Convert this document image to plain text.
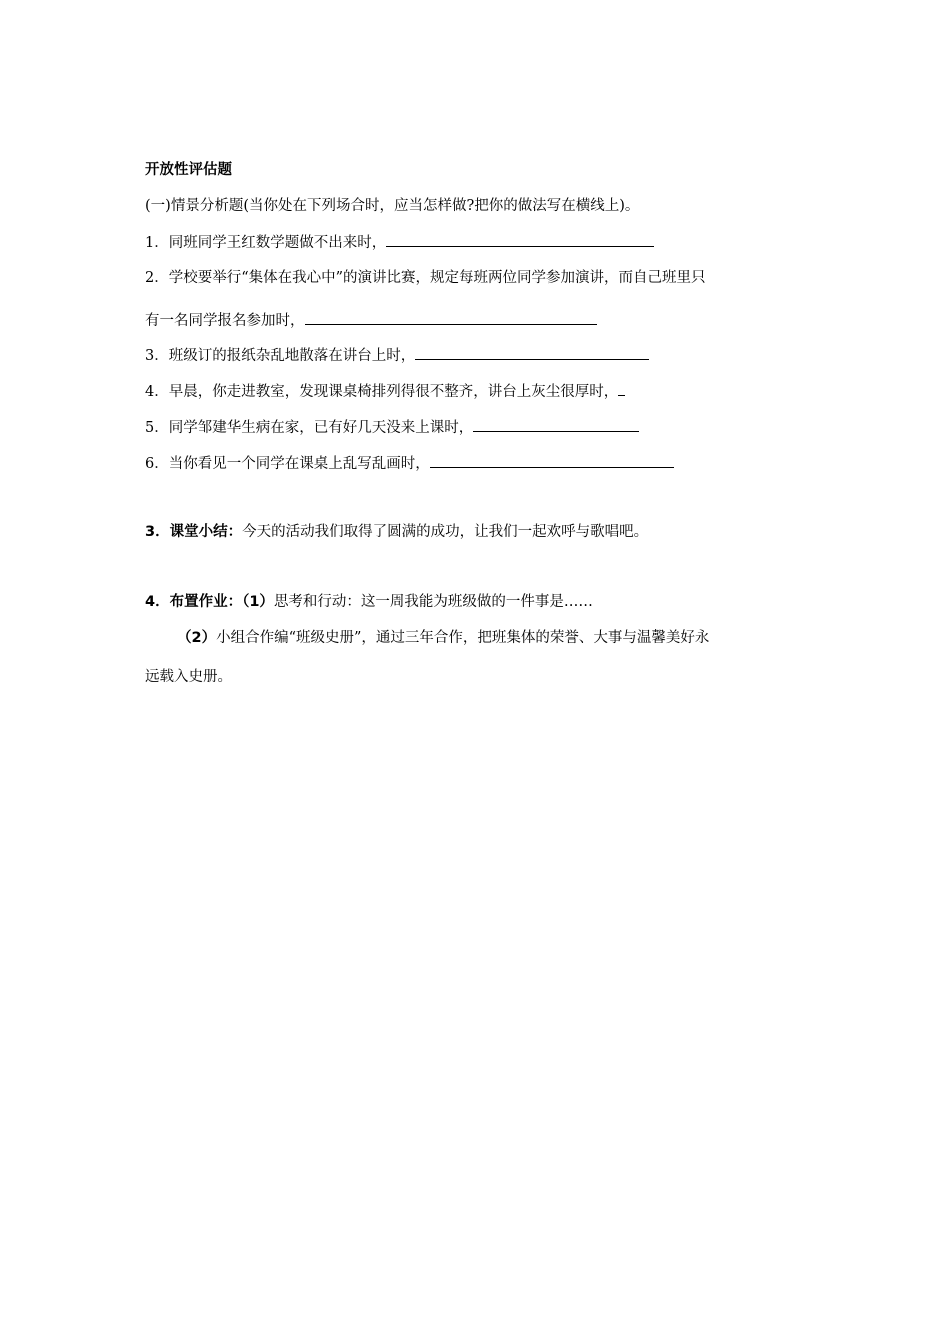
开放性评估题
(一)情景分析题(当你处在下列场合时，应当怎样做?把你的做法写在横线上)。
1．同班同学王红数学题做不出来时，
2．学校要举行“集体在我心中”的演讲比赛，规定每班两位同学参加演讲，而自己班里只
有一名同学报名参加时，
3．班级订的报纸杂乱地散落在讲台上时，
4．早晨，你走进教室，发现课桌椅排列得很不整齐，讲台上灰尘很厚时，
5．同学邹建华生病在家，已有好几天没来上课时，
6．当你看见一个同学在课桌上乱写乱画时，
3．课堂小结：今天的活动我们取得了圆满的成功，让我们一起欢呼与歌唱吧。
4．布置作业：（1）思考和行动：这一周我能为班级做的一件事是……
（2）小组合作编“班级史册”，通过三年合作，把班集体的荣誉、大事与温馨美好永
远载入史册。
